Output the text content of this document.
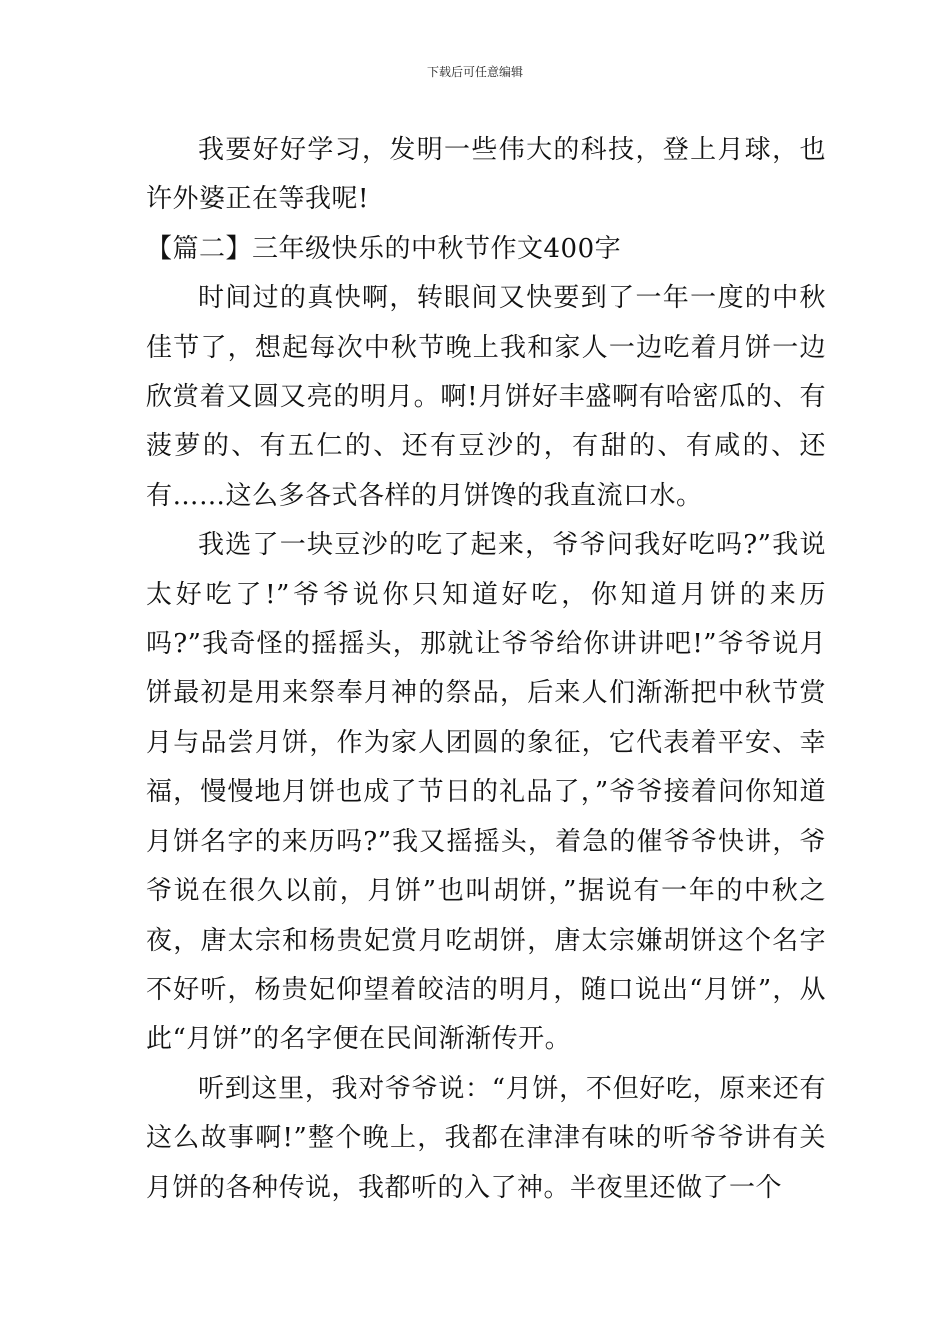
下载后可任意编辑

我要好好学习，发明一些伟大的科技，登上月球，也许外婆正在等我呢!

【篇二】三年级快乐的中秋节作文400字

时间过的真快啊，转眼间又快要到了一年一度的中秋佳节了，想起每次中秋节晚上我和家人一边吃着月饼一边欣赏着又圆又亮的明月。啊!月饼好丰盛啊有哈密瓜的、有菠萝的、有五仁的、还有豆沙的，有甜的、有咸的、还有……这么多各式各样的月饼馋的我直流口水。

我选了一块豆沙的吃了起来，爷爷问我好吃吗?”我说太好吃了!”爷爷说你只知道好吃，你知道月饼的来历吗?”我奇怪的摇摇头，那就让爷爷给你讲讲吧!”爷爷说月饼最初是用来祭奉月神的祭品，后来人们渐渐把中秋节赏月与品尝月饼，作为家人团圆的象征，它代表着平安、幸福，慢慢地月饼也成了节日的礼品了，”爷爷接着问你知道月饼名字的来历吗?”我又摇摇头，着急的催爷爷快讲，爷爷说在很久以前，月饼”也叫胡饼，”据说有一年的中秋之夜，唐太宗和杨贵妃赏月吃胡饼，唐太宗嫌胡饼这个名字不好听，杨贵妃仰望着皎洁的明月，随口说出“月饼”，从此“月饼”的名字便在民间渐渐传开。

听到这里，我对爷爷说：“月饼，不但好吃，原来还有这么故事啊!”整个晚上，我都在津津有味的听爷爷讲有关月饼的各种传说，我都听的入了神。半夜里还做了一个
